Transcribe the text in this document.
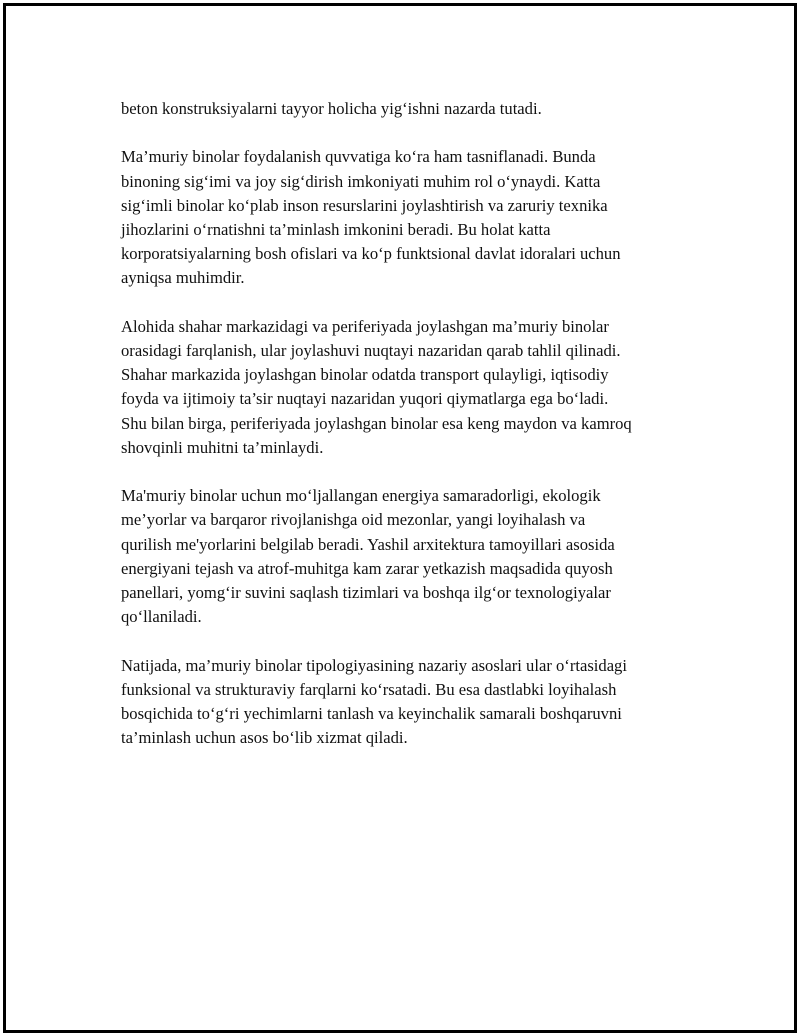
beton konstruksiyalarni tayyor holicha yig‘ishni nazarda tutadi.

Ma’muriy binolar foydalanish quvvatiga ko‘ra ham tasniflanadi. Bunda
binoning sig‘imi va joy sig‘dirish imkoniyati muhim rol o‘ynaydi. Katta
sig‘imli binolar ko‘plab inson resurslarini joylashtirish va zaruriy texnika
jihozlarini o‘rnatishni ta’minlash imkonini beradi. Bu holat katta
korporatsiyalarning bosh ofislari va ko‘p funktsional davlat idoralari uchun
ayniqsa muhimdir.

Alohida shahar markazidagi va periferiyada joylashgan ma’muriy binolar
orasidagi farqlanish, ular joylashuvi nuqtayi nazaridan qarab tahlil qilinadi.
Shahar markazida joylashgan binolar odatda transport qulayligi, iqtisodiy
foyda va ijtimoiy ta’sir nuqtayi nazaridan yuqori qiymatlarga ega bo‘ladi.
Shu bilan birga, periferiyada joylashgan binolar esa keng maydon va kamroq
shovqinli muhitni ta’minlaydi.

Ma'muriy binolar uchun mo‘ljallangan energiya samaradorligi, ekologik
me’yorlar va barqaror rivojlanishga oid mezonlar, yangi loyihalash va
qurilish me'yorlarini belgilab beradi. Yashil arxitektura tamoyillari asosida
energiyani tejash va atrof-muhitga kam zarar yetkazish maqsadida quyosh
panellari, yomg‘ir suvini saqlash tizimlari va boshqa ilg‘or texnologiyalar
qo‘llaniladi.

Natijada, ma’muriy binolar tipologiyasining nazariy asoslari ular o‘rtasidagi
funksional va strukturaviy farqlarni ko‘rsatadi. Bu esa dastlabki loyihalash
bosqichida to‘g‘ri yechimlarni tanlash va keyinchalik samarali boshqaruvni
ta’minlash uchun asos bo‘lib xizmat qiladi.
